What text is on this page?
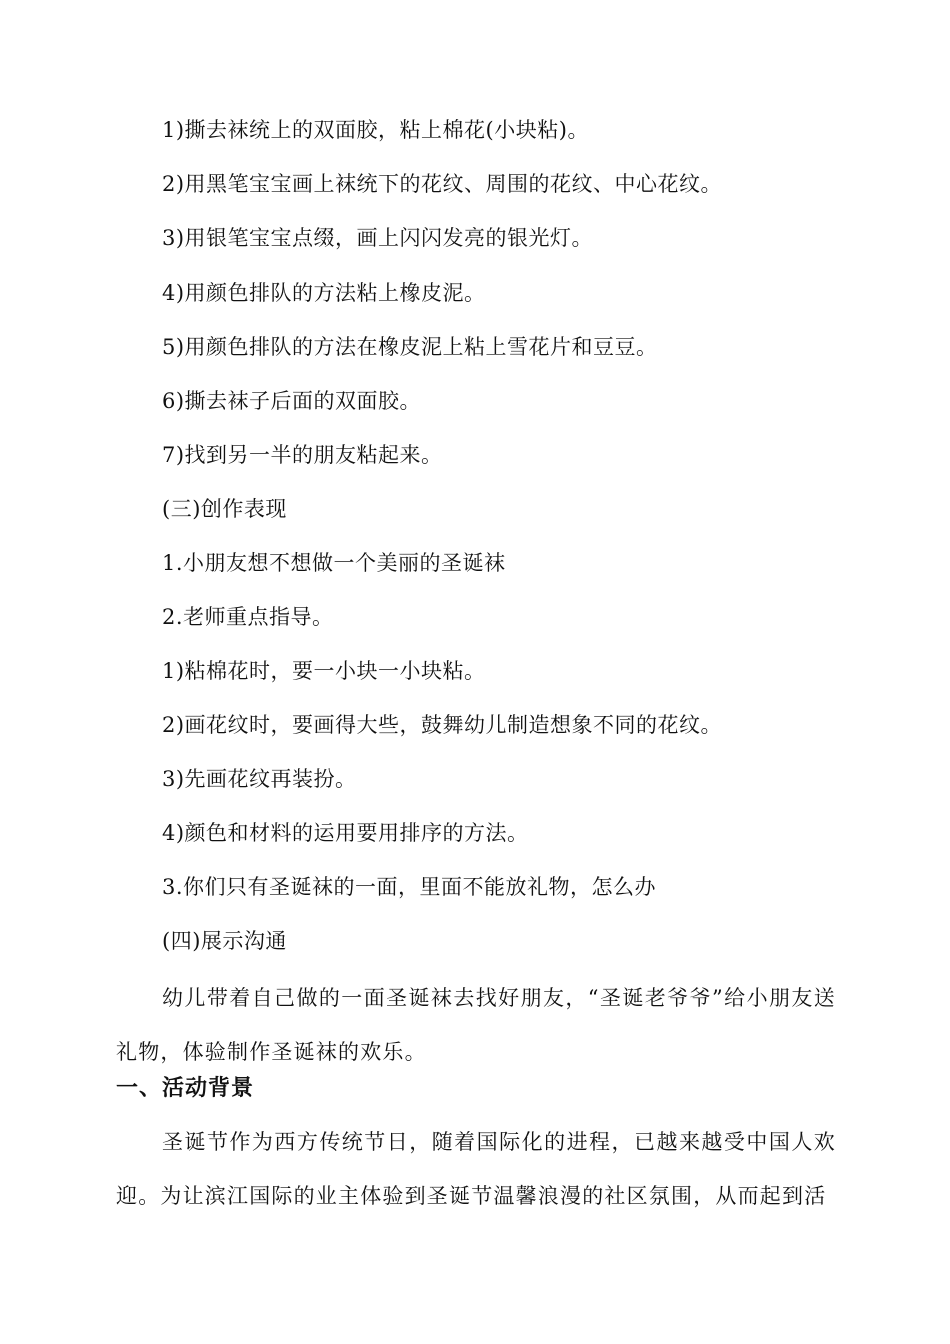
1)撕去袜统上的双面胶，粘上棉花(小块粘)。
2)用黑笔宝宝画上袜统下的花纹、周围的花纹、中心花纹。
3)用银笔宝宝点缀，画上闪闪发亮的银光灯。
4)用颜色排队的方法粘上橡皮泥。
5)用颜色排队的方法在橡皮泥上粘上雪花片和豆豆。
6)撕去袜子后面的双面胶。
7)找到另一半的朋友粘起来。
(三)创作表现
1.小朋友想不想做一个美丽的圣诞袜
2.老师重点指导。
1)粘棉花时，要一小块一小块粘。
2)画花纹时，要画得大些，鼓舞幼儿制造想象不同的花纹。
3)先画花纹再装扮。
4)颜色和材料的运用要用排序的方法。
3.你们只有圣诞袜的一面，里面不能放礼物，怎么办
(四)展示沟通
幼儿带着自己做的一面圣诞袜去找好朋友，“圣诞老爷爷”给小朋友送礼物，体验制作圣诞袜的欢乐。
一、活动背景
圣诞节作为西方传统节日，随着国际化的进程，已越来越受中国人欢迎。为让滨江国际的业主体验到圣诞节温馨浪漫的社区氛围，从而起到活
